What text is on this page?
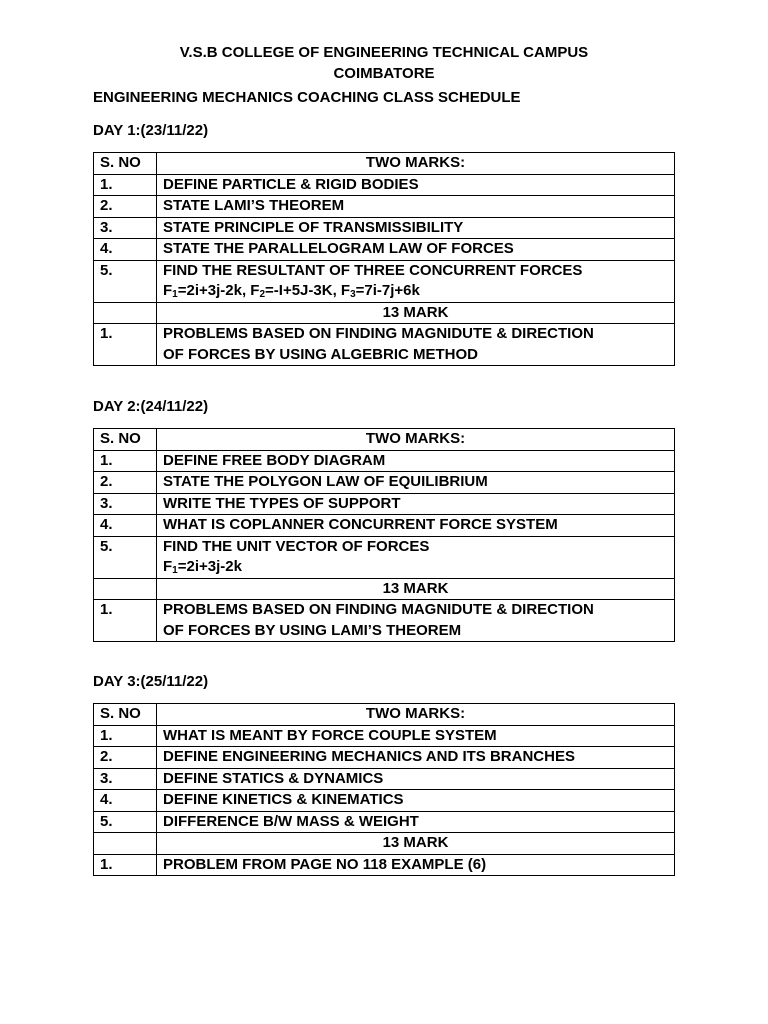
V.S.B COLLEGE OF ENGINEERING TECHNICAL CAMPUS
COIMBATORE
ENGINEERING MECHANICS COACHING CLASS SCHEDULE
DAY 1:(23/11/22)
S. NO	TWO MARKS:
1.	DEFINE PARTICLE & RIGID BODIES
2.	STATE LAMI’S THEOREM
3.	STATE PRINCIPLE OF TRANSMISSIBILITY
4.	STATE THE PARALLELOGRAM LAW OF FORCES
5.	FIND THE RESULTANT OF THREE CONCURRENT FORCES
$F_1=2i+3j-2k$, $F_2=-I+5J-3K$, $F_3=7i-7j+6k$

	13 MARK
1.	PROBLEMS BASED ON FINDING MAGNIDUTE & DIRECTION
OF FORCES BY USING ALGEBRIC METHOD
DAY 2:(24/11/22)
S. NO	TWO MARKS:
1.	DEFINE FREE BODY DIAGRAM
2.	STATE THE POLYGON LAW OF EQUILIBRIUM
3.	WRITE THE TYPES OF SUPPORT
4.	WHAT IS COPLANNER CONCURRENT FORCE SYSTEM
5.	FIND THE UNIT VECTOR OF FORCES
$F_1=2i+3j-2k$

	13 MARK
1.	PROBLEMS BASED ON FINDING MAGNIDUTE & DIRECTION
OF FORCES BY USING LAMI’S THEOREM
DAY 3:(25/11/22)
S. NO	TWO MARKS:
1.	WHAT IS MEANT BY FORCE COUPLE SYSTEM
2.	DEFINE ENGINEERING MECHANICS AND ITS BRANCHES
3.	DEFINE STATICS & DYNAMICS
4.	DEFINE KINETICS & KINEMATICS
5.	DIFFERENCE B/W MASS & WEIGHT
	13 MARK
1.	PROBLEM FROM PAGE NO 118 EXAMPLE (6)
